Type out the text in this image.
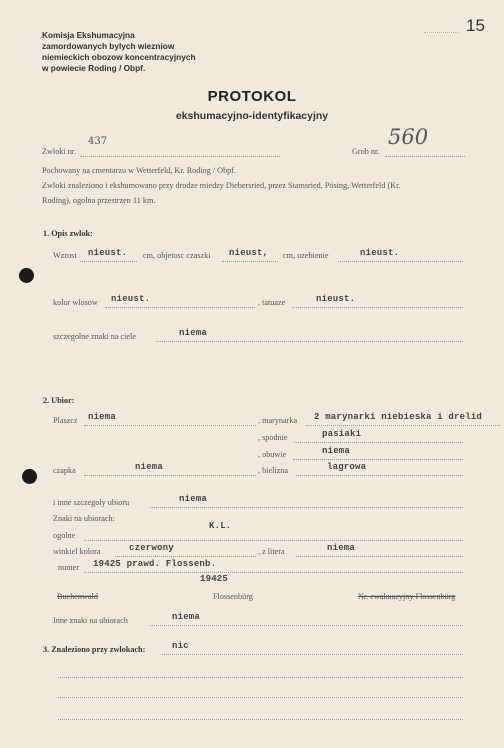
15
Komisja Ekshumacyjna
zamordowanych bylych wiezniow
niemieckich obozow koncentracyjnych
w powiecie Roding / Obpf.
PROTOKOL
ekshumacyjno-identyfikacyjny
Zwloki nr.
437
Grob nr.
560
Pochowany na cmentarzu w Wetterfeld, Kr. Roding / Obpf.
Zwloki znaleziono i ekshumowano przy drodze miedzy Diebersried, przez Stamsried, Pösing, Wetterfeld (Kr.
Roding), ogolna przestrzen 11 km.
1. Opis zwlok:
Wzrost nieust. cm, objetosc czaszki nieust, cm, uzebienie	nieust.
kolor wlosow nieust.	, tatuaze	nieust.
szczegolne znaki na ciele	niema
2. Ubior:
Plaszcz niema	, marynarka 2 marynarki niebieska i drelid
, spodnie	pasiaki
, obuwie	niema
czapka	niema	, bielizna	lagrowa
i inne szczegoly ubioru	niema
Znaki na ubiorach:
ogolne
K.L.
winkiel kolora	czerwony	, z litera	niema
numer 19425 prawd. Flossenb.
19425
Buchenwald	Flossenbürg	Nr. ewakuacyjny Flossenbürg
Inne znaki na ubiorach	niema
3. Znaleziono przy zwlokach:	nic
